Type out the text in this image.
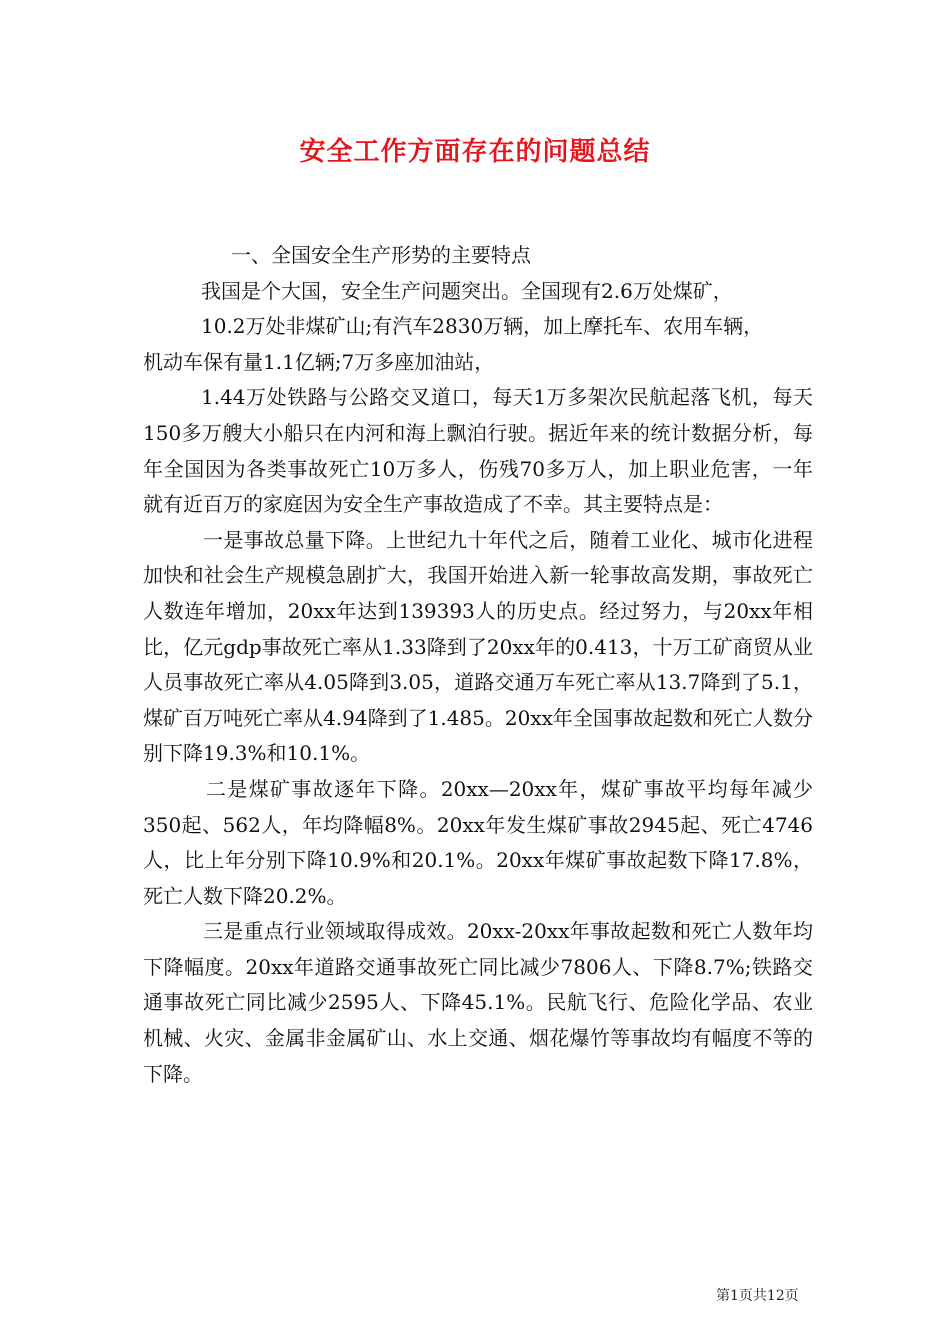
安全工作方面存在的问题总结

一、全国安全生产形势的主要特点

我国是个大国，安全生产问题突出。全国现有2.6万处煤矿，

10.2万处非煤矿山;有汽车2830万辆，加上摩托车、农用车辆，

机动车保有量1.1亿辆;7万多座加油站，

1.44万处铁路与公路交叉道口，每天1万多架次民航起落飞机，每天150多万艘大小船只在内河和海上飘泊行驶。据近年来的统计数据分析，每年全国因为各类事故死亡10万多人，伤残70多万人，加上职业危害，一年就有近百万的家庭因为安全生产事故造成了不幸。其主要特点是：

一是事故总量下降。上世纪九十年代之后，随着工业化、城市化进程加快和社会生产规模急剧扩大，我国开始进入新一轮事故高发期，事故死亡人数连年增加，20xx年达到139393人的历史点。经过努力，与20xx年相比，亿元gdp事故死亡率从1.33降到了20xx年的0.413，十万工矿商贸从业人员事故死亡率从4.05降到3.05，道路交通万车死亡率从13.7降到了5.1，煤矿百万吨死亡率从4.94降到了1.485。20xx年全国事故起数和死亡人数分别下降19.3%和10.1%。

二是煤矿事故逐年下降。20xx—20xx年，煤矿事故平均每年减少350起、562人，年均降幅8%。20xx年发生煤矿事故2945起、死亡4746人，比上年分别下降10.9%和20.1%。20xx年煤矿事故起数下降17.8%，死亡人数下降20.2%。

三是重点行业领域取得成效。20xx-20xx年事故起数和死亡人数年均下降幅度。20xx年道路交通事故死亡同比减少7806人、下降8.7%;铁路交通事故死亡同比减少2595人、下降45.1%。民航飞行、危险化学品、农业机械、火灾、金属非金属矿山、水上交通、烟花爆竹等事故均有幅度不等的下降。

第1页共12页
